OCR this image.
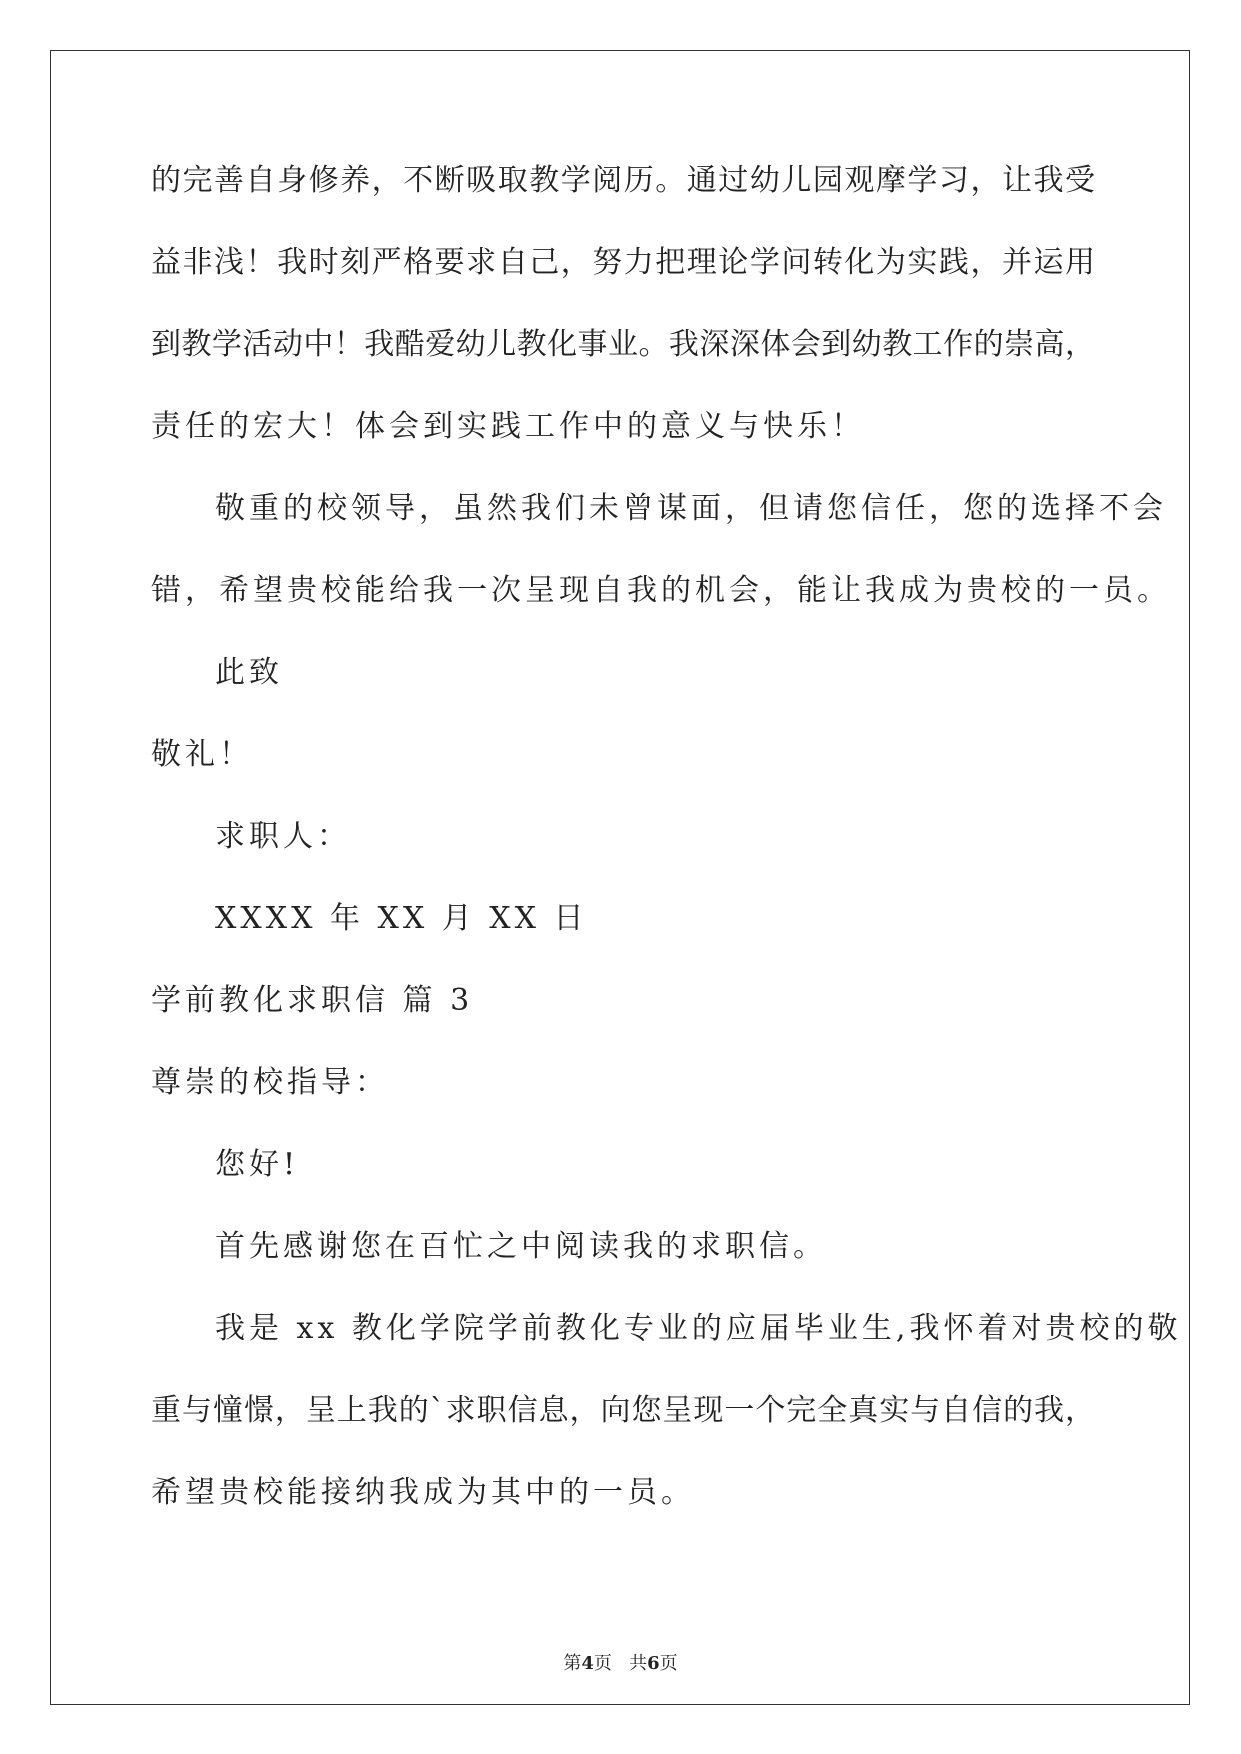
的完善自身修养，不断吸取教学阅历。通过幼儿园观摩学习，让我受
益非浅！我时刻严格要求自己，努力把理论学问转化为实践，并运用
到教学活动中！我酷爱幼儿教化事业。我深深体会到幼教工作的崇高，
责任的宏大！体会到实践工作中的意义与快乐！
敬重的校领导，虽然我们未曾谋面，但请您信任，您的选择不会
错，希望贵校能给我一次呈现自我的机会，能让我成为贵校的一员。
此致
敬礼！
求职人：
XXXX 年 XX 月 XX 日
学前教化求职信 篇 3
尊崇的校指导：
您好!
首先感谢您在百忙之中阅读我的求职信。
我是 xx 教化学院学前教化专业的应届毕业生,我怀着对贵校的敬
重与憧憬，呈上我的`求职信息，向您呈现一个完全真实与自信的我，
希望贵校能接纳我成为其中的一员。
第4页   共6页
